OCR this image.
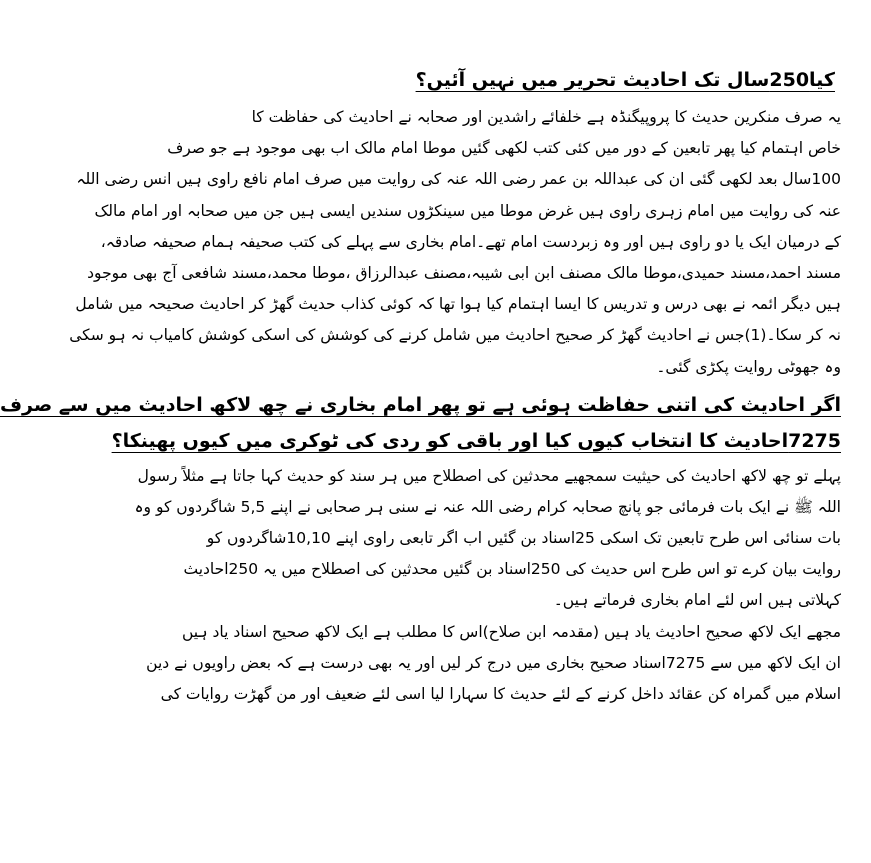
کیا250سال تک احادیث تحریر میں نہیں آئیں؟

یہ صرف منکرین حدیث کا پروپیگنڈہ ہے خلفائے راشدین اور صحابہ نے احادیث کی حفاظت کا

خاص اہتمام کیا پھر تابعین کے دور میں کئی کتب لکھی گئیں موطا امام مالک اب بھی موجود ہے جو صرف

100سال بعد لکھی گئی ان کی عبداللہ بن عمر رضی اللہ عنہ کی روایت میں صرف امام نافع راوی ہیں انس رضی اللہ

عنہ کی روایت میں امام زہری راوی ہیں غرض موطا میں سینکڑوں سندیں ایسی ہیں جن میں صحابہ اور امام مالک

کے درمیان ایک یا دو راوی ہیں اور وہ زبردست امام تھے۔امام بخاری سے پہلے کی کتب صحیفہ ہمام صحیفہ صادقہ،

مسند احمد،مسند حمیدی،موطا مالک مصنف ابن ابی شیبہ،مصنف عبدالرزاق ،موطا محمد،مسند شافعی آج بھی موجود

ہیں دیگر ائمہ نے بھی درس و تدریس کا ایسا اہتمام کیا ہوا تھا کہ کوئی کذاب حدیث گھڑ کر احادیث صحیحہ میں شامل

نہ کر سکا۔(1)جس نے احادیث گھڑ کر صحیح احادیث میں شامل کرنے کی کوشش کی اسکی کوشش کامیاب نہ ہو سکی

وہ جھوٹی روایت پکڑی گئی۔

اگر احادیث کی اتنی حفاظت ہوئی ہے تو پھر امام بخاری نے چھ لاکھ احادیث میں سے صرف
7275احادیث کا انتخاب کیوں کیا اور باقی کو ردی کی ٹوکری میں کیوں پھینکا؟

پہلے تو چھ لاکھ احادیث کی حیثیت سمجھیے محدثین کی اصطلاح میں ہر سند کو حدیث کہا جاتا ہے مثلاً رسول

اللہ ﷺ نے ایک بات فرمائی جو پانچ صحابہ کرام رضی اللہ عنہ نے سنی ہر صحابی نے اپنے 5,5 شاگردوں کو وہ

بات سنائی اس طرح تابعین تک اسکی 25اسناد بن گئیں اب اگر تابعی راوی اپنے 10,10شاگردوں کو

روایت بیان کرے تو اس طرح اس حدیث کی 250اسناد بن گئیں محدثین کی اصطلاح میں یہ 250احادیث

کہلاتی ہیں اس لئے امام بخاری فرماتے ہیں۔

مجھے ایک لاکھ صحیح احادیث یاد ہیں (مقدمہ ابن صلاح)اس کا مطلب ہے ایک لاکھ صحیح اسناد یاد ہیں

ان ایک لاکھ میں سے 7275اسناد صحیح بخاری میں درج کر لیں اور یہ بھی درست ہے کہ بعض راویوں نے دین

اسلام میں گمراہ کن عقائد داخل کرنے کے لئے حدیث کا سہارا لیا اسی لئے ضعیف اور من گھڑت روایات کی
